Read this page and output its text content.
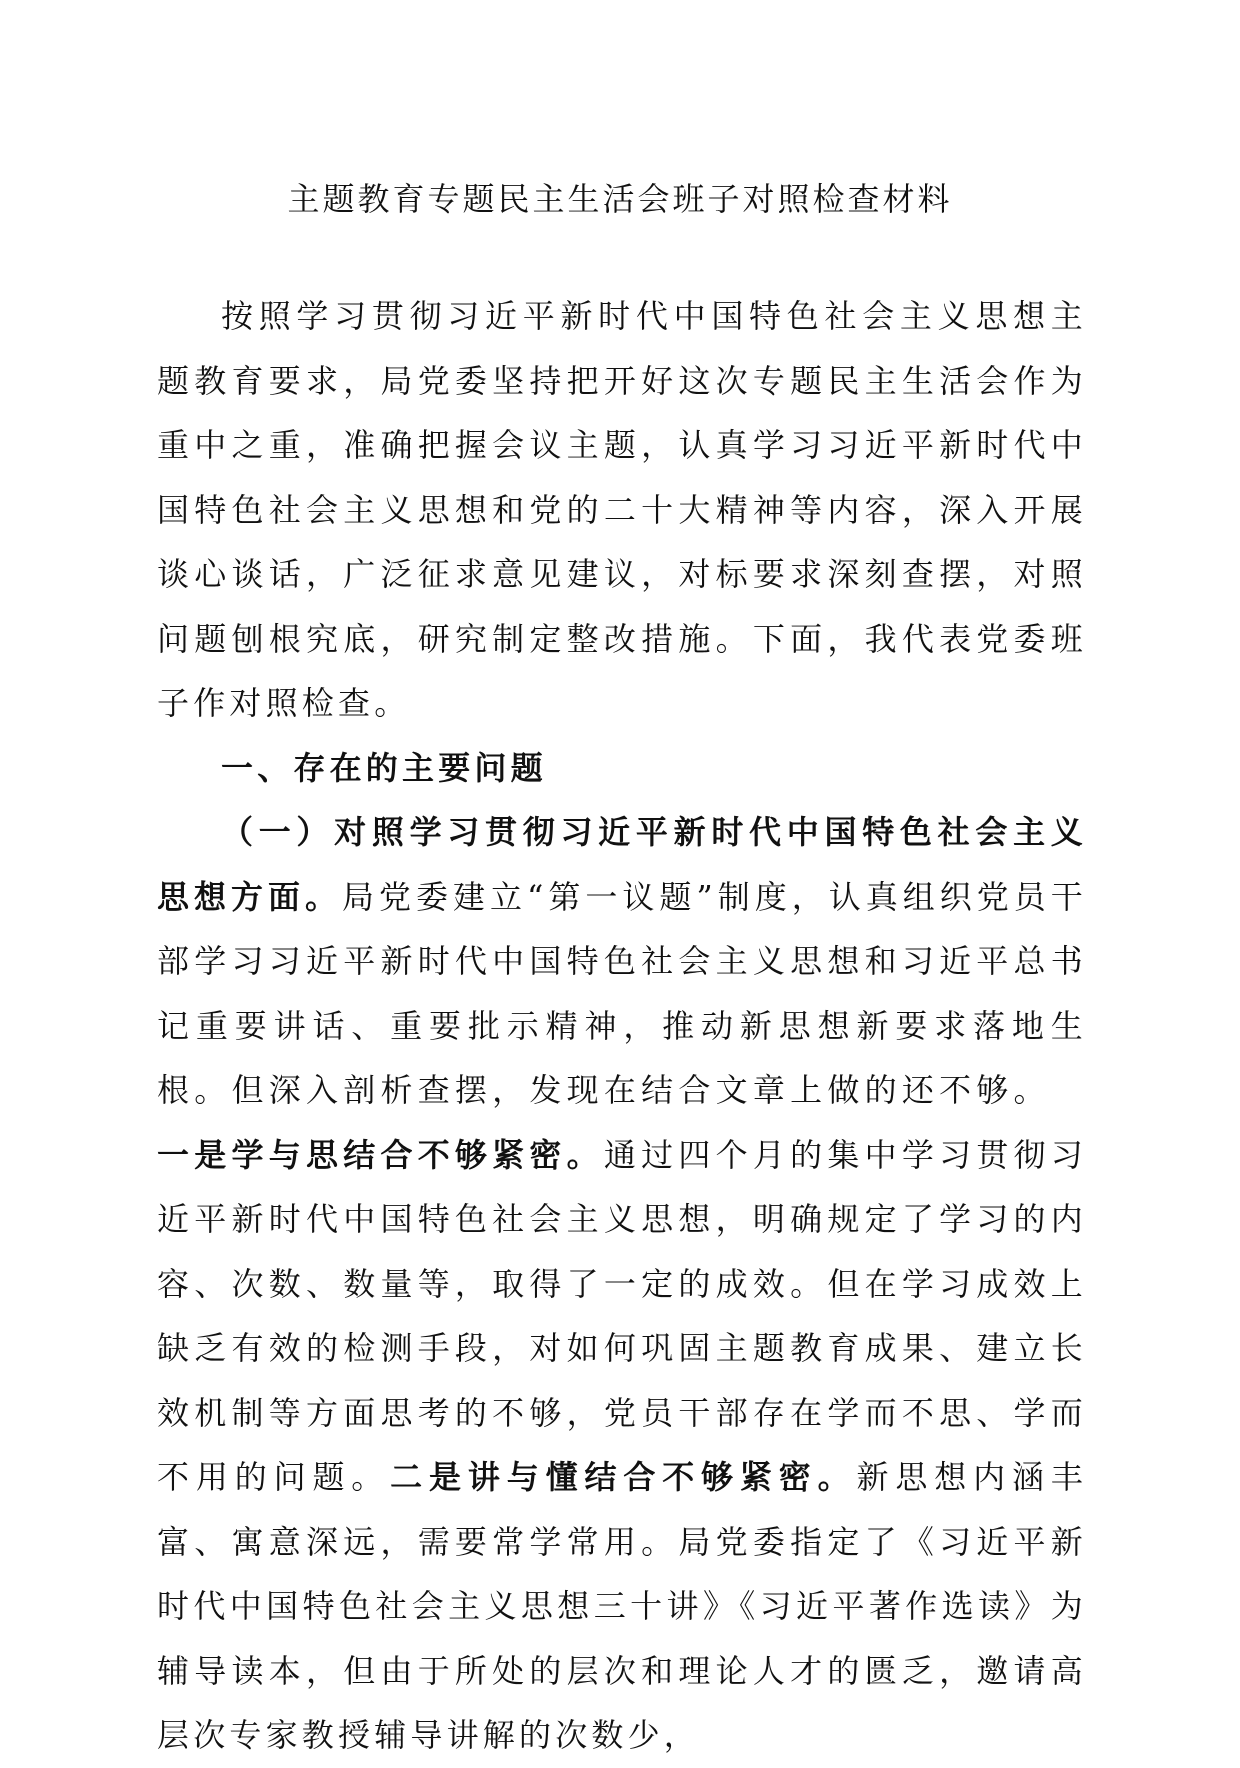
主题教育专题民主生活会班子对照检查材料

按照学习贯彻习近平新时代中国特色社会主义思想主题教育要求，局党委坚持把开好这次专题民主生活会作为重中之重，准确把握会议主题，认真学习习近平新时代中国特色社会主义思想和党的二十大精神等内容，深入开展谈心谈话，广泛征求意见建议，对标要求深刻查摆，对照问题刨根究底，研究制定整改措施。下面，我代表党委班子作对照检查。

一、存在的主要问题

（一）对照学习贯彻习近平新时代中国特色社会主义思想方面。局党委建立“第一议题”制度，认真组织党员干部学习习近平新时代中国特色社会主义思想和习近平总书记重要讲话、重要批示精神，推动新思想新要求落地生根。但深入剖析查摆，发现在结合文章上做的还不够。 一是学与思结合不够紧密。通过四个月的集中学习贯彻习近平新时代中国特色社会主义思想，明确规定了学习的内容、次数、数量等，取得了一定的成效。但在学习成效上缺乏有效的检测手段，对如何巩固主题教育成果、建立长效机制等方面思考的不够，党员干部存在学而不思、学而不用的问题。二是讲与懂结合不够紧密。新思想内涵丰富、寓意深远，需要常学常用。局党委指定了《习近平新时代中国特色社会主义思想三十讲》《习近平著作选读》为辅导读本，但由于所处的层次和理论人才的匮乏，邀请高层次专家教授辅导讲解的次数少，
